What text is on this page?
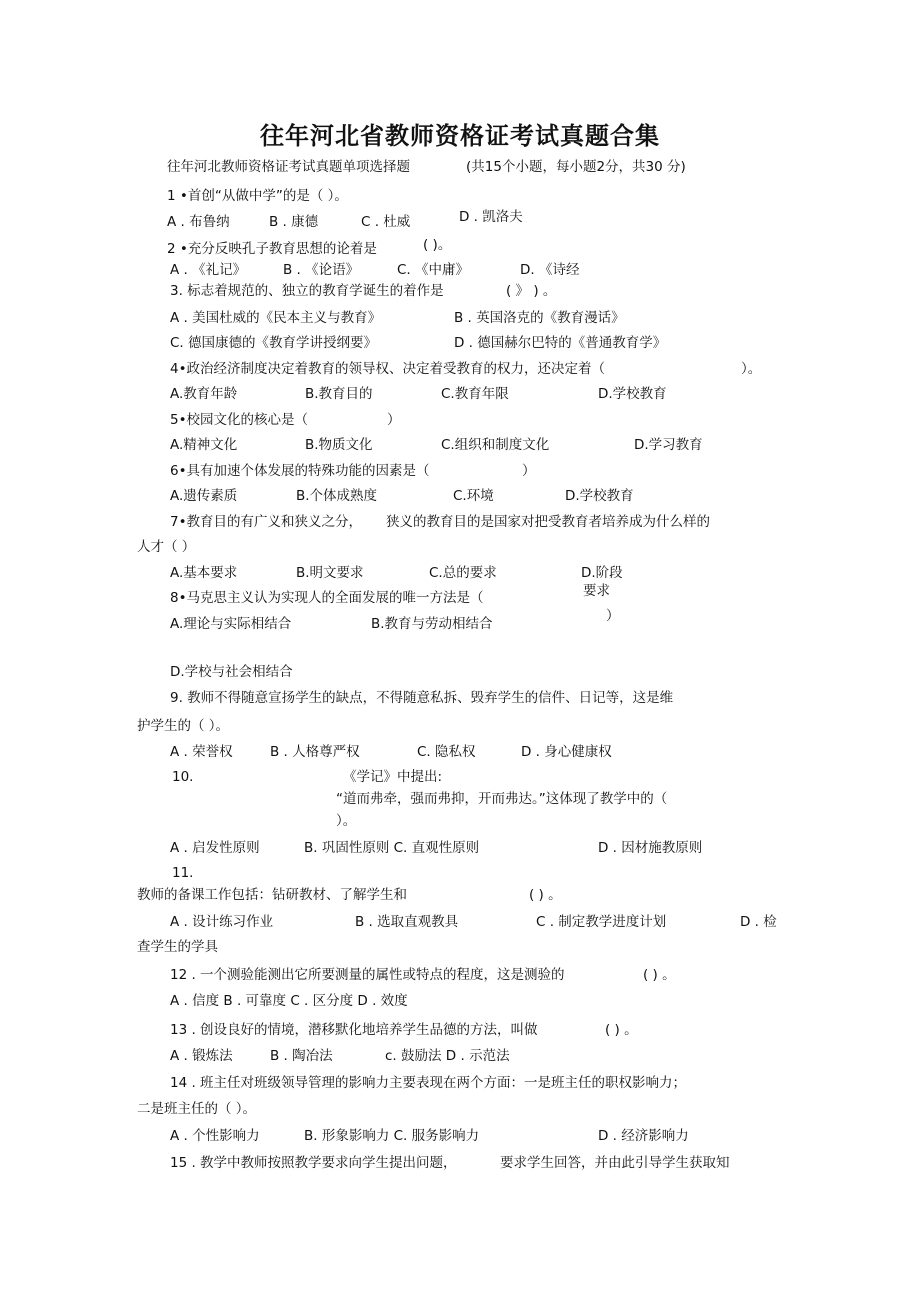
往年河北省教师资格证考试真题合集
往年河北教师资格证考试真题单项选择题	(共15个小题，每小题2分，共30 分)
1 •首创“从做中学”的是（ ）。
A . 布鲁纳	B . 康德	C . 杜威	D . 凯洛夫
2 •充分反映孔子教育思想的论着是	( )。
A . 《礼记》	B . 《论语》	C. 《中庸》	D. 《诗经
3. 标志着规范的、独立的教育学诞生的着作是	( 》 ) 。
A . 美国杜威的《民本主义与教育》	B . 英国洛克的《教育漫话》
C. 德国康德的《教育学讲授纲要》	D . 德国赫尔巴特的《普通教育学》
4•政治经济制度决定着教育的领导权、决定着受教育的权力，还决定着（	）。
A.教育年龄	B.教育目的	C.教育年限	D.学校教育
5•校园文化的核心是（	）
A.精神文化	B.物质文化	C.组织和制度文化	D.学习教育
6•具有加速个体发展的特殊功能的因素是（	）
A.遗传素质	B.个体成熟度	C.环境	D.学校教育
7•教育目的有广义和狭义之分， 狭义的教育目的是国家对把受教育者培养成为什么样的
人才（ ）
A.基本要求	B.明文要求	C.总的要求	D.阶段
要求
8•马克思主义认为实现人的全面发展的唯一方法是（
A.理论与实际相结合	B.教育与劳动相结合	）
D.学校与社会相结合
9. 教师不得随意宣扬学生的缺点，不得随意私拆、毁弃学生的信件、日记等，这是维
护学生的（ ）。
A . 荣誉权	B . 人格尊严权	C. 隐私权	D . 身心健康权
10.	《学记》中提出:
“道而弗牵，强而弗抑，开而弗达。”这体现了教学中的（
）。
A . 启发性原则	B. 巩固性原则 C. 直观性原则	D . 因材施教原则
11.
教师的备课工作包括：钻研教材、了解学生和	( ) 。
A . 设计练习作业	B . 选取直观教具	C . 制定教学进度计划	D . 检
查学生的学具
12 . 一个测验能测出它所要测量的属性或特点的程度，这是测验的	( ) 。
A . 信度 B . 可靠度 C . 区分度 D . 效度
13 . 创设良好的情境，潜移默化地培养学生品德的方法，叫做	( ) 。
A . 锻炼法	B . 陶冶法	c. 鼓励法 D . 示范法
14 . 班主任对班级领导管理的影响力主要表现在两个方面：一是班主任的职权影响力；
二是班主任的（ ）。
A . 个性影响力	B. 形象影响力 C. 服务影响力	D . 经济影响力
15 . 教学中教师按照教学要求向学生提出问题，	要求学生回答，并由此引导学生获取知
